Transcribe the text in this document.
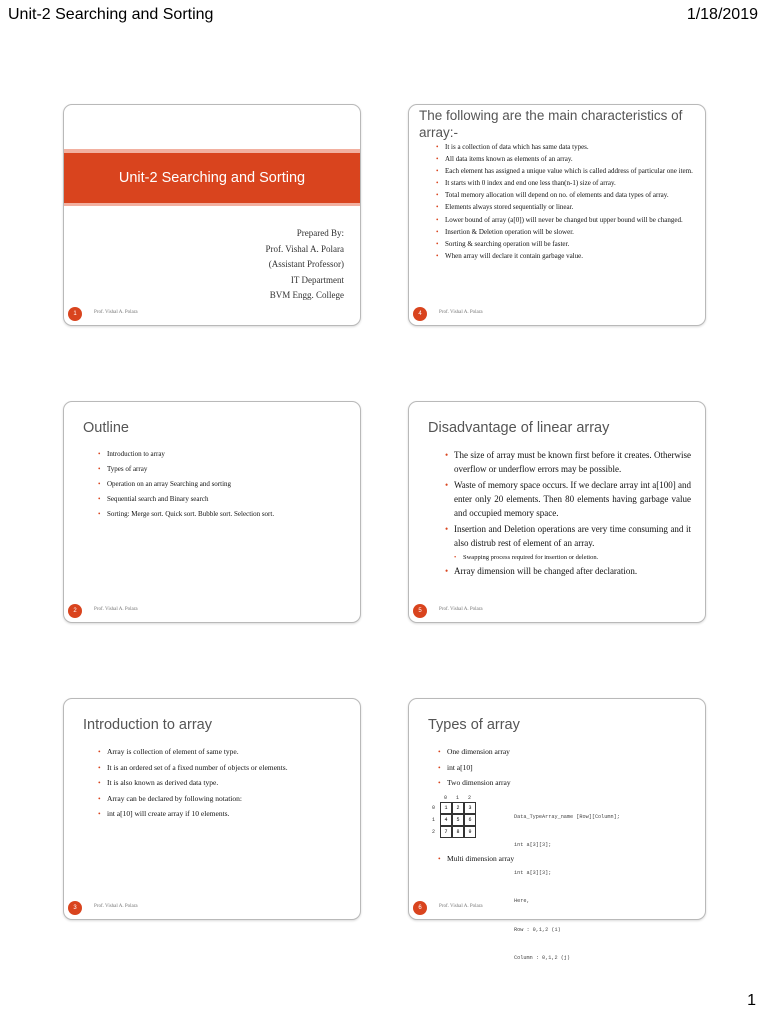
Unit-2 Searching and Sorting	1/18/2019
Unit-2 Searching and Sorting
Prepared By:
Prof. Vishal A. Polara
(Assistant Professor)
IT Department
BVM Engg. College
1	Prof. Vishal A. Polara
The following are the main characteristics of array:-
• It is a collection of data which has same data types.
• All data items known as elements of an array.
• Each element has assigned a unique value which is called address of particular one item.
• It starts with 0 index and end one less than(n-1) size of array.
• Total memory allocation will depend on no. of elements and data types of array.
• Elements always stored sequentially or linear.
• Lower bound of array (a[0]) will never be changed but upper bound will be changed.
• Insertion & Deletion operation will be slower.
• Sorting & searching operation will be faster.
• When array will declare it contain garbage value.
4	Prof. Vishal A. Polara
Outline
• Introduction to array
• Types of array
• Operation on an array Searching and sorting
• Sequential search and Binary search
• Sorting: Merge sort. Quick sort. Bubble sort. Selection sort.
2	Prof. Vishal A. Polara
Disadvantage of linear array
• The size of array must be known first before it creates. Otherwise overflow or underflow errors may be possible.
• Waste of memory space occurs. If we declare array int a[100] and enter only 20 elements. Then 80 elements having garbage value and occupied memory space.
• Insertion and Deletion operations are very time consuming and it also distrub rest of element of an array.
• Swapping process required for insertion or deletion.
• Array dimension will be changed after declaration.
5	Prof. Vishal A. Polara
Introduction to array
• Array is collection of element of same type.
• It is an ordered set of a fixed number of objects or elements.
• It is also known as derived data type.
• Array can be declared by following notation:
• int a[10] will create array if 10 elements.
3	Prof. Vishal A. Polara
Types of array
• One dimension array
• int a[10]
• Two dimension array
0 1 2
0
1
2
1	2	3
4	5	6
7	8	9

Data_TypeArray_name [Row][Column];

int a[3][3];

int a[3][3];

Here,

Row : 0,1,2 (i)

Column : 0,1,2 (j)

• Multi dimension array
6	Prof. Vishal A. Polara
1
